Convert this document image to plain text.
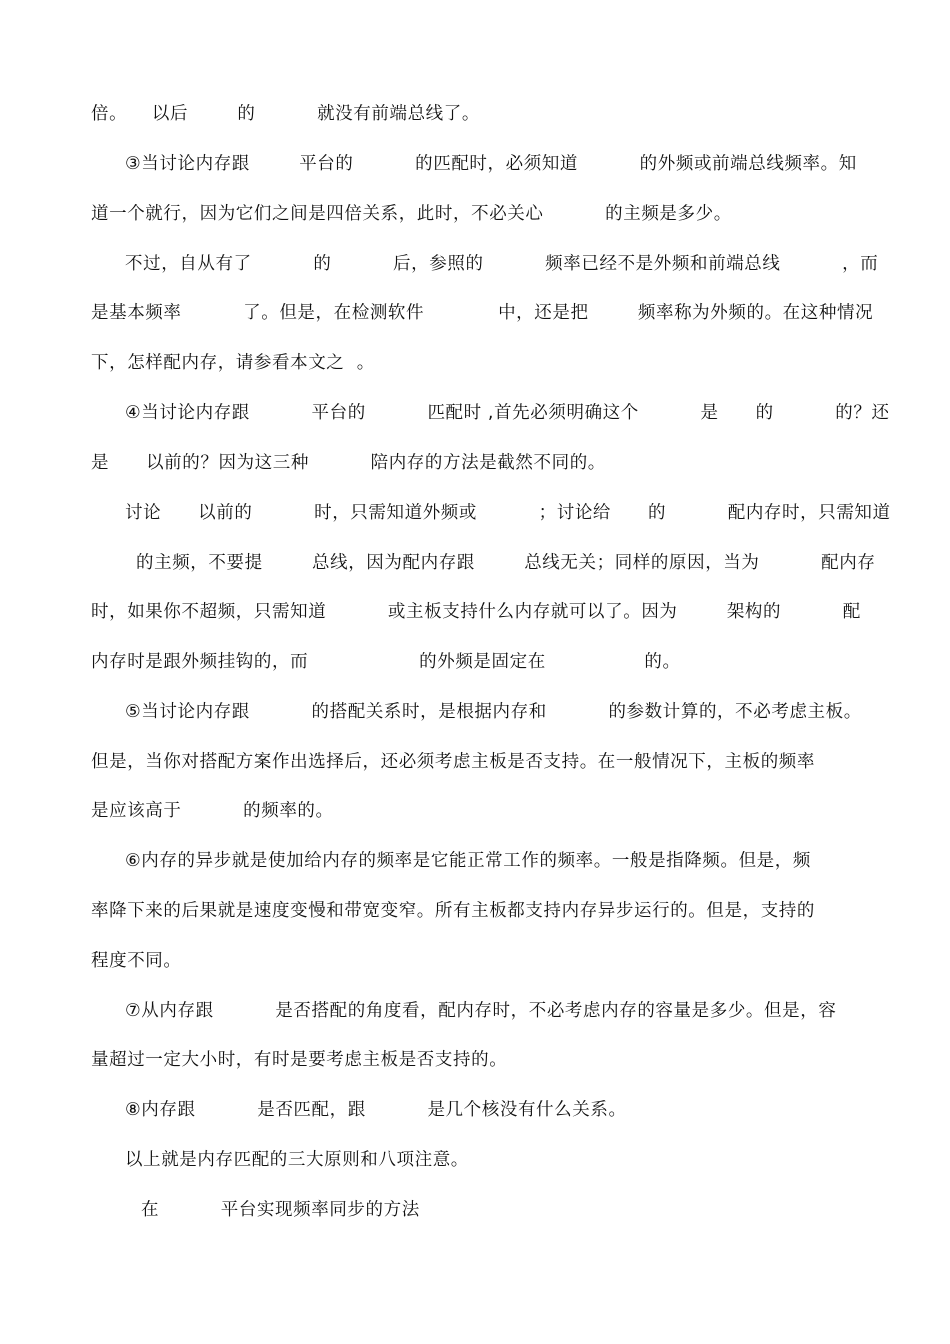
倍。    以后        的          就没有前端总线了。
③当讨论内存跟        平台的          的匹配时，必须知道          的外频或前端总线频率。知
道一个就行，因为它们之间是四倍关系，此时，不必关心          的主频是多少。
不过，自从有了          的          后，参照的          频率已经不是外频和前端总线          ，而
是基本频率          了。但是，在检测软件            中，还是把        频率称为外频的。在这种情况
下，怎样配内存，请参看本文之  。
④当讨论内存跟          平台的          匹配时 ,首先必须明确这个          是      的          的？还
是      以前的？因为这三种          陪内存的方法是截然不同的。
讨论      以前的          时，只需知道外频或          ；讨论给      的          配内存时，只需知道
的主频，不要提        总线，因为配内存跟        总线无关；同样的原因，当为          配内存
时，如果你不超频，只需知道          或主板支持什么内存就可以了。因为        架构的          配
内存时是跟外频挂钩的，而                  的外频是固定在                的。
⑤当讨论内存跟          的搭配关系时，是根据内存和          的参数计算的，不必考虑主板。
但是，当你对搭配方案作出选择后，还必须考虑主板是否支持。在一般情况下，主板的频率
是应该高于          的频率的。
⑥内存的异步就是使加给内存的频率是它能正常工作的频率。一般是指降频。但是，频
率降下来的后果就是速度变慢和带宽变窄。所有主板都支持内存异步运行的。但是，支持的
程度不同。
⑦从内存跟          是否搭配的角度看，配内存时，不必考虑内存的容量是多少。但是，容
量超过一定大小时，有时是要考虑主板是否支持的。
⑧内存跟          是否匹配，跟          是几个核没有什么关系。
以上就是内存匹配的三大原则和八项注意。
在          平台实现频率同步的方法
